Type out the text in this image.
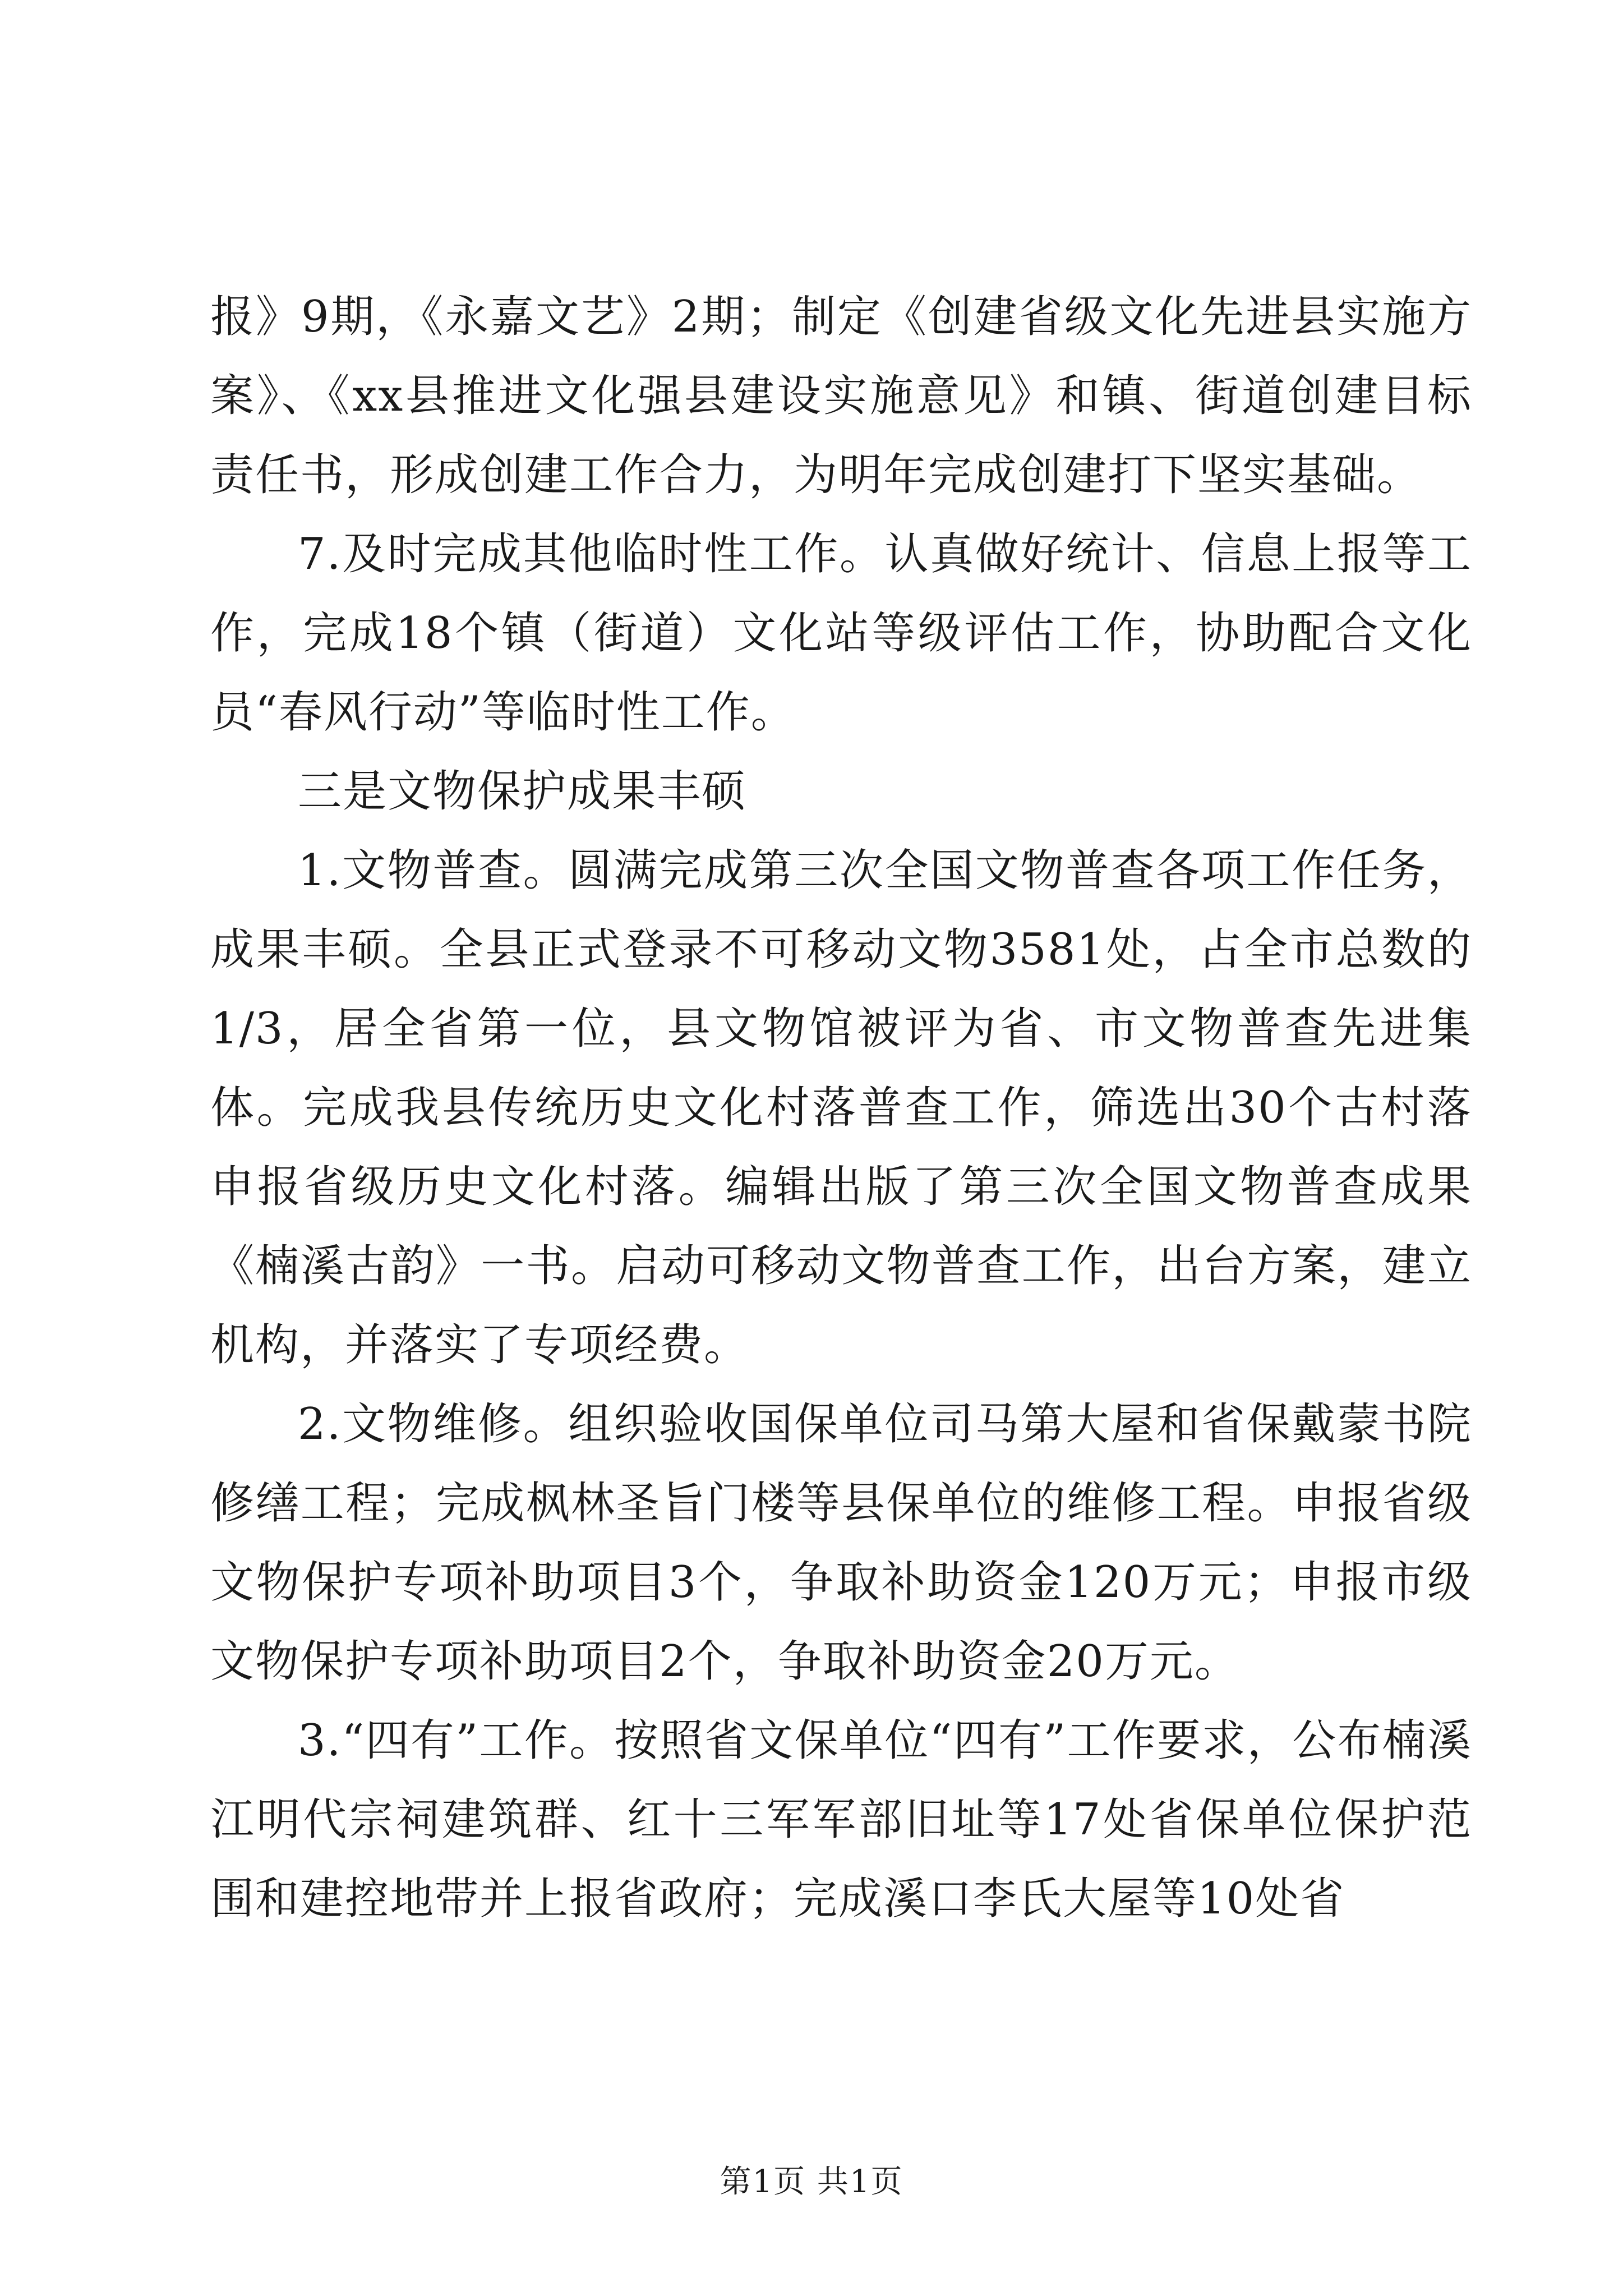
报》9期，《永嘉文艺》2期；制定《创建省级文化先进县实施方案》、《xx县推进文化强县建设实施意见》和镇、街道创建目标责任书，形成创建工作合力，为明年完成创建打下坚实基础。

7.及时完成其他临时性工作。认真做好统计、信息上报等工作，完成18个镇（街道）文化站等级评估工作，协助配合文化员“春风行动”等临时性工作。

三是文物保护成果丰硕

1.文物普查。圆满完成第三次全国文物普查各项工作任务，成果丰硕。全县正式登录不可移动文物3581处，占全市总数的1/3，居全省第一位，县文物馆被评为省、市文物普查先进集体。完成我县传统历史文化村落普查工作，筛选出30个古村落申报省级历史文化村落。编辑出版了第三次全国文物普查成果《楠溪古韵》一书。启动可移动文物普查工作，出台方案，建立机构，并落实了专项经费。

2.文物维修。组织验收国保单位司马第大屋和省保戴蒙书院修缮工程；完成枫林圣旨门楼等县保单位的维修工程。申报省级文物保护专项补助项目3个，争取补助资金120万元；申报市级文物保护专项补助项目2个，争取补助资金20万元。

3.“四有”工作。按照省文保单位“四有”工作要求，公布楠溪江明代宗祠建筑群、红十三军军部旧址等17处省保单位保护范围和建控地带并上报省政府；完成溪口李氏大屋等10处省

第1页 共1页
